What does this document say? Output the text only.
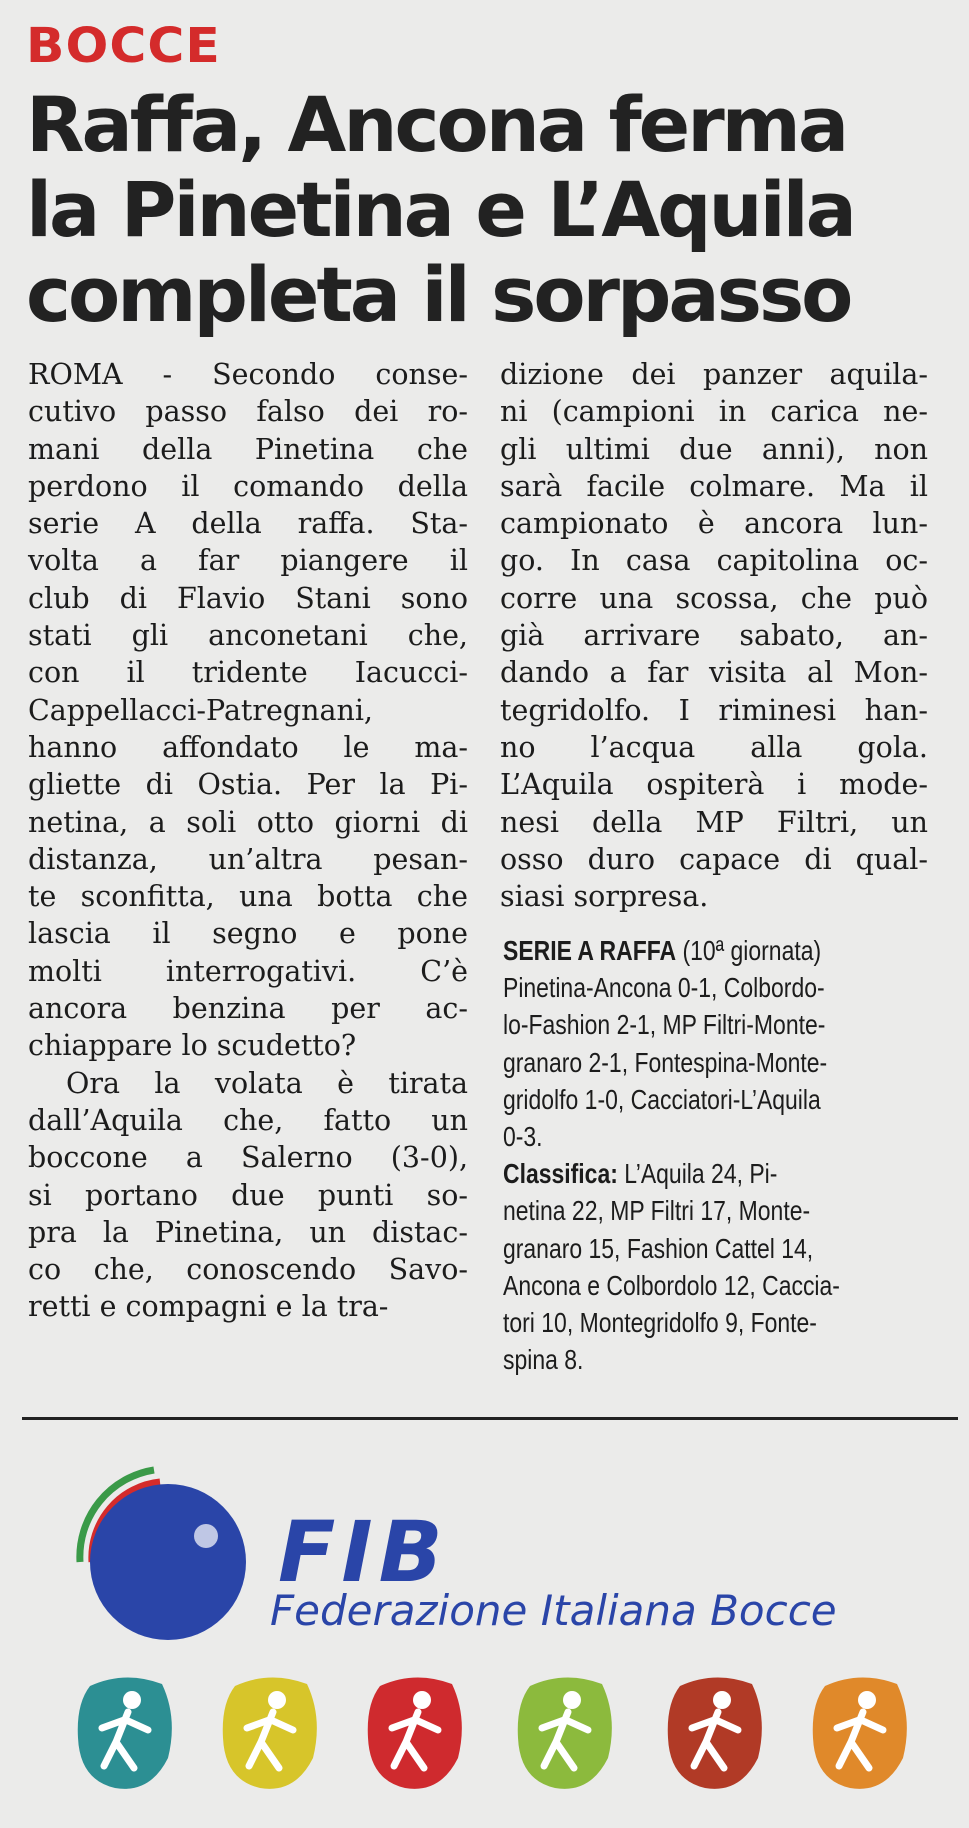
BOCCE
Raffa, Ancona ferma
la Pinetina e L’Aquila
completa il sorpasso
ROMA - Secondo conse-
cutivo passo falso dei ro-
mani della Pinetina che
perdono il comando della
serie A della raffa. Sta-
volta a far piangere il
club di Flavio Stani sono
stati gli anconetani che,
con il tridente Iacucci-
Cappellacci-Patregnani,
hanno affondato le ma-
gliette di Ostia. Per la Pi-
netina, a soli otto giorni di
distanza, un’altra pesan-
te sconfitta, una botta che
lascia il segno e pone
molti interrogativi. C’è
ancora benzina per ac-
chiappare lo scudetto?
Ora la volata è tirata
dall’Aquila che, fatto un
boccone a Salerno (3-0),
si portano due punti so-
pra la Pinetina, un distac-
co che, conoscendo Savo-
retti e compagni e la tra-
dizione dei panzer aquila-
ni (campioni in carica ne-
gli ultimi due anni), non
sarà facile colmare. Ma il
campionato è ancora lun-
go. In casa capitolina oc-
corre una scossa, che può
già arrivare sabato, an-
dando a far visita al Mon-
tegridolfo. I riminesi han-
no l’acqua alla gola.
L’Aquila ospiterà i mode-
nesi della MP Filtri, un
osso duro capace di qual-
siasi sorpresa.
SERIE A RAFFA (10ª giornata)
Pinetina-Ancona 0-1, Colbordo-
lo-Fashion 2-1, MP Filtri-Monte-
granaro 2-1, Fontespina-Monte-
gridolfo 1-0, Cacciatori-L’Aquila
0-3.
Classifica: L’Aquila 24, Pi-
netina 22, MP Filtri 17, Monte-
granaro 15, Fashion Cattel 14,
Ancona e Colbordolo 12, Caccia-
tori 10, Montegridolfo 9, Fonte-
spina 8.
FIB
Federazione Italiana Bocce
